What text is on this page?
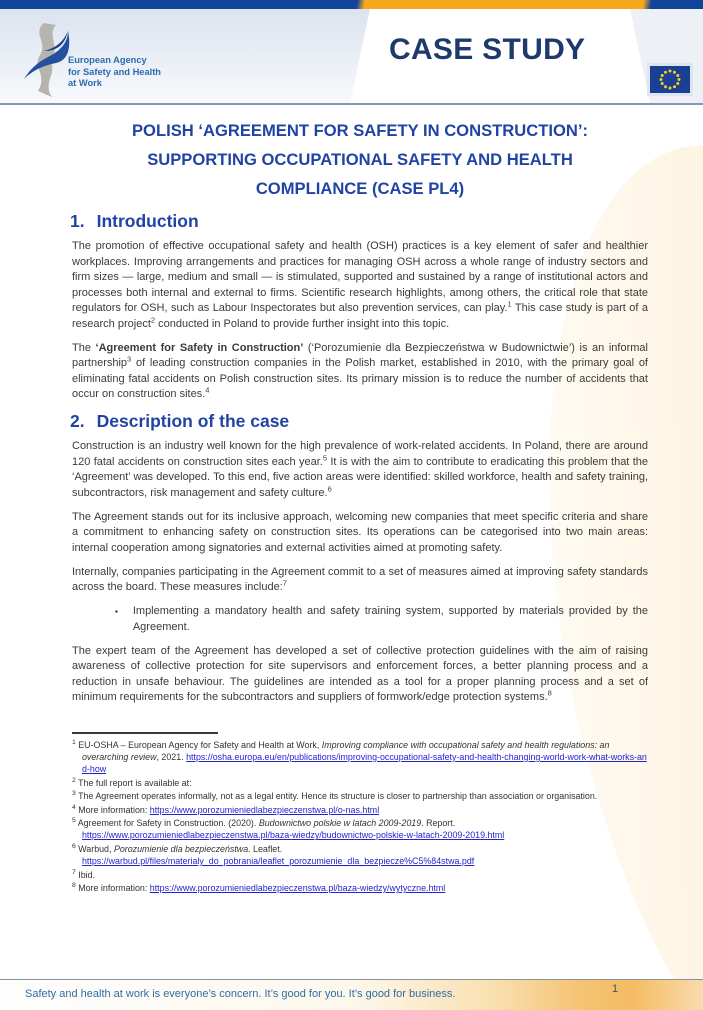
European Agency
for Safety and Health
at Work
CASE STUDY
POLISH ‘AGREEMENT FOR SAFETY IN CONSTRUCTION’:
SUPPORTING OCCUPATIONAL SAFETY AND HEALTH
COMPLIANCE (CASE PL4)
1. Introduction

The promotion of effective occupational safety and health (OSH) practices is a key element of safer and healthier workplaces. Improving arrangements and practices for managing OSH across a whole range of industry sectors and firm sizes — large, medium and small — is stimulated, supported and sustained by a range of institutional actors and processes both internal and external to firms. Scientific research highlights, among others, the critical role that state regulators for OSH, such as Labour Inspectorates but also prevention services, can play.$^1$ This case study is part of a research project$^2$ conducted in Poland to provide further insight into this topic.

The ‘Agreement for Safety in Construction’ (‘Porozumienie dla Bezpieczeństwa w Budownictwie’) is an informal partnership$^3$ of leading construction companies in the Polish market, established in 2010, with the primary goal of eliminating fatal accidents on Polish construction sites. Its primary mission is to reduce the number of accidents that occur on construction sites.$^4$

2. Description of the case

Construction is an industry well known for the high prevalence of work-related accidents. In Poland, there are around 120 fatal accidents on construction sites each year.$^5$ It is with the aim to contribute to eradicating this problem that the ‘Agreement’ was developed. To this end, five action areas were identified: skilled workforce, health and safety training, subcontractors, risk management and safety culture.$^6$

The Agreement stands out for its inclusive approach, welcoming new companies that meet specific criteria and share a commitment to enhancing safety on construction sites. Its operations can be categorised into two main areas: internal cooperation among signatories and external activities aimed at promoting safety.

Internally, companies participating in the Agreement commit to a set of measures aimed at improving safety standards across the board. These measures include:$^7$

▪ Implementing a mandatory health and safety training system, supported by materials provided by the Agreement.

The expert team of the Agreement has developed a set of collective protection guidelines with the aim of raising awareness of collective protection for site supervisors and enforcement forces, a better planning process and a reduction in unsafe behaviour. The guidelines are intended as a tool for a proper planning process and a set of minimum requirements for the subcontractors and suppliers of formwork/edge protection systems.$^8$

$^1$ EU-OSHA – European Agency for Safety and Health at Work, Improving compliance with occupational safety and health regulations: an overarching review, 2021. https://osha.europa.eu/en/publications/improving-occupational-safety-and-health-changing-world-work-what-works-and-how
$^2$ The full report is available at:
$^3$ The Agreement operates informally, not as a legal entity. Hence its structure is closer to partnership than association or organisation.
$^4$ More information: https://www.porozumieniedlabezpieczenstwa.pl/o-nas.html
$^5$ Agreement for Safety in Construction. (2020). Budownictwo polskie w latach 2009-2019. Report.
https://www.porozumieniedlabezpieczenstwa.pl/baza-wiedzy/budownictwo-polskie-w-latach-2009-2019.html
$^6$ Warbud, Porozumienie dla bezpieczeństwa. Leaflet.
https://warbud.pl/files/materialy_do_pobrania/leaflet_porozumienie_dla_bezpiecze%C5%84stwa.pdf
$^7$ Ibid.
$^8$ More information: https://www.porozumieniedlabezpieczenstwa.pl/baza-wiedzy/wytyczne.html
Safety and health at work is everyone’s concern. It’s good for you. It’s good for business.	1
